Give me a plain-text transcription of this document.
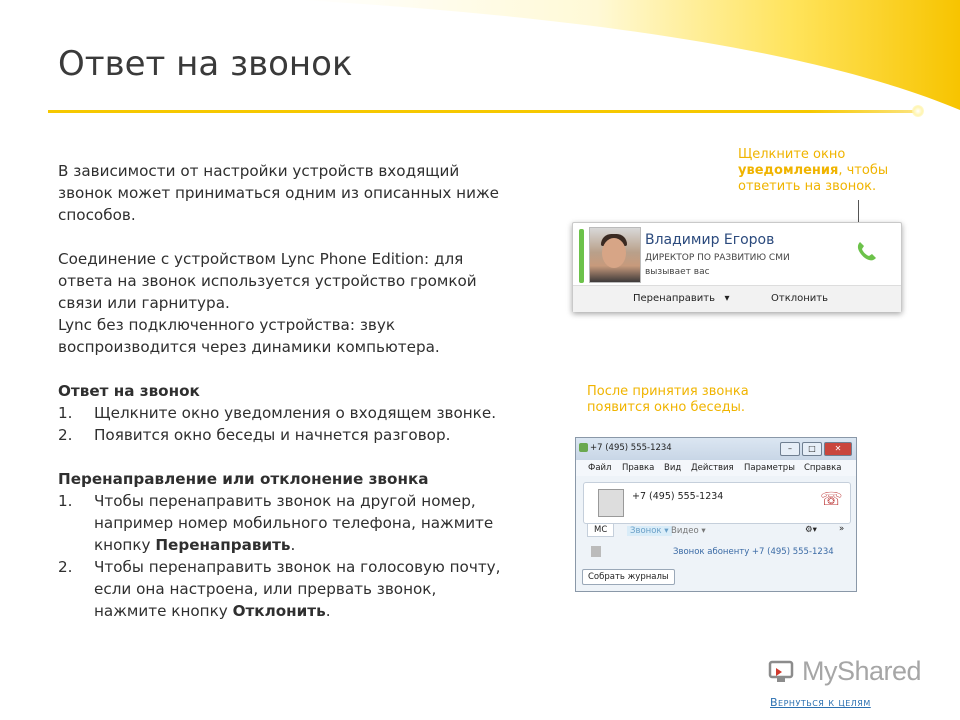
Ответ на звонок

В зависимости от настройки устройств входящий

звонок может приниматься одним из описанных ниже

способов.

Соединение с устройством Lync Phone Edition: для

ответа на звонок используется устройство громкой

связи или гарнитура.

Lync без подключенного устройства: звук

воспроизводится через динамики компьютера.

Ответ на звонок

1. Щелкните окно уведомления о входящем звонке.
2. Появится окно беседы и начнется разговор.

Перенаправление или отклонение звонка

1. Чтобы перенаправить звонок на другой номер,
например номер мобильного телефона, нажмите
кнопку Перенаправить.
2. Чтобы перенаправить звонок на голосовую почту,
если она настроена, или прервать звонок,
нажмите кнопку Отклонить.
Щелкните окно
уведомления, чтобы
ответить на звонок.
Владимир Егоров
ДИРЕКТОР ПО РАЗВИТИЮ СМИ
вызывает вас
Перенаправить ▾	Отклонить
После принятия звонка
появится окно беседы.
+7 (495) 555-1234	–	□	✕
Файл Правка Вид Действия Параметры Справка
+7 (495) 555-1234	☏
МС	Звонок ▾ Видео ▾	⚙▾	»
Звонок абоненту +7 (495) 555-1234
Собрать журналы
MyShared
Вернуться к целям
